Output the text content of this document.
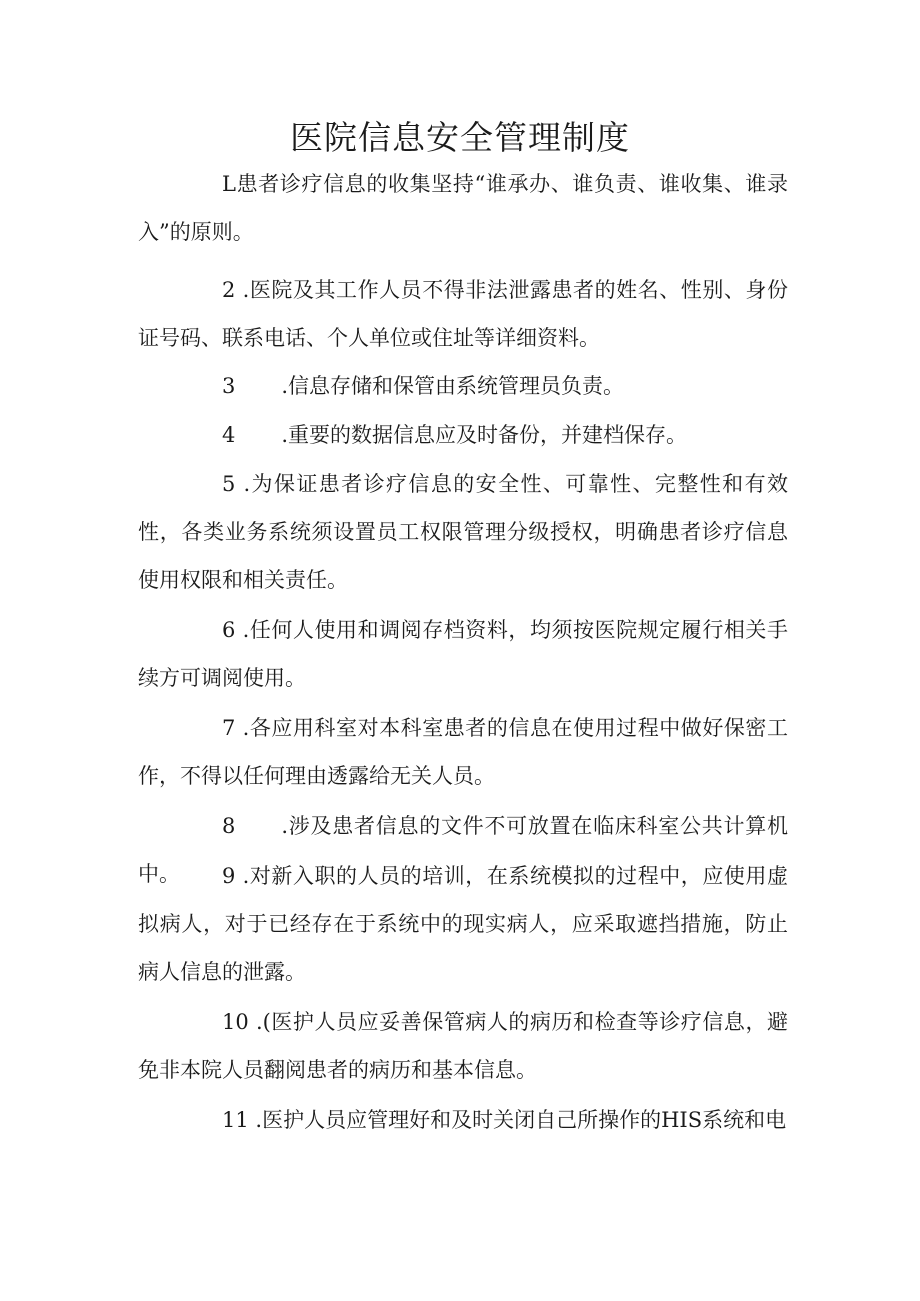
医院信息安全管理制度

L患者诊疗信息的收集坚持“谁承办、谁负责、谁收集、谁录入”的原则。

2 .医院及其工作人员不得非法泄露患者的姓名、性别、身份证号码、联系电话、个人单位或住址等详细资料。

3 .信息存储和保管由系统管理员负责。

4 .重要的数据信息应及时备份，并建档保存。

5 .为保证患者诊疗信息的安全性、可靠性、完整性和有效性，各类业务系统须设置员工权限管理分级授权，明确患者诊疗信息使用权限和相关责任。

6 .任何人使用和调阅存档资料，均须按医院规定履行相关手续方可调阅使用。

7 .各应用科室对本科室患者的信息在使用过程中做好保密工作，不得以任何理由透露给无关人员。

8 .涉及患者信息的文件不可放置在临床科室公共计算机中。	9 .对新入职的人员的培训，在系统模拟的过程中，应使用虚拟病人，对于已经存在于系统中的现实病人，应采取遮挡措施，防止病人信息的泄露。

10 .(医护人员应妥善保管病人的病历和检查等诊疗信息，避免非本院人员翻阅患者的病历和基本信息。

11 .医护人员应管理好和及时关闭自己所操作的HIS系统和电
